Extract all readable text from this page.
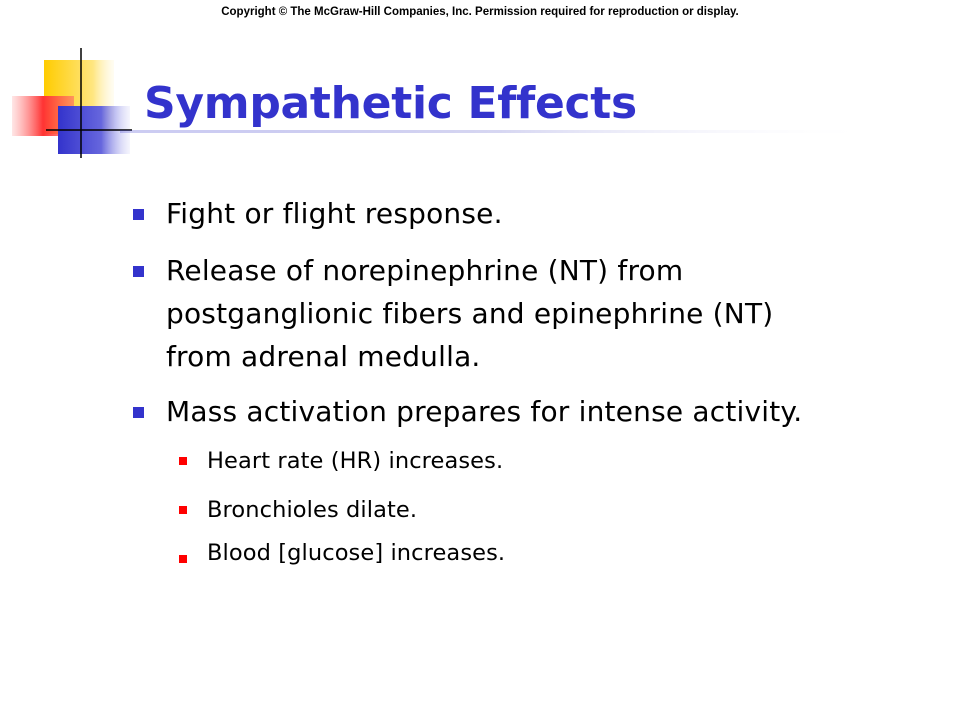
Copyright © The McGraw-Hill Companies, Inc. Permission required for reproduction or display.
Sympathetic Effects

Fight or flight response.

Release of norepinephrine (NT) from

postganglionic fibers and epinephrine (NT)

from adrenal medulla.

Mass activation prepares for intense activity.

Heart rate (HR) increases.

Bronchioles dilate.

Blood [glucose] increases.
